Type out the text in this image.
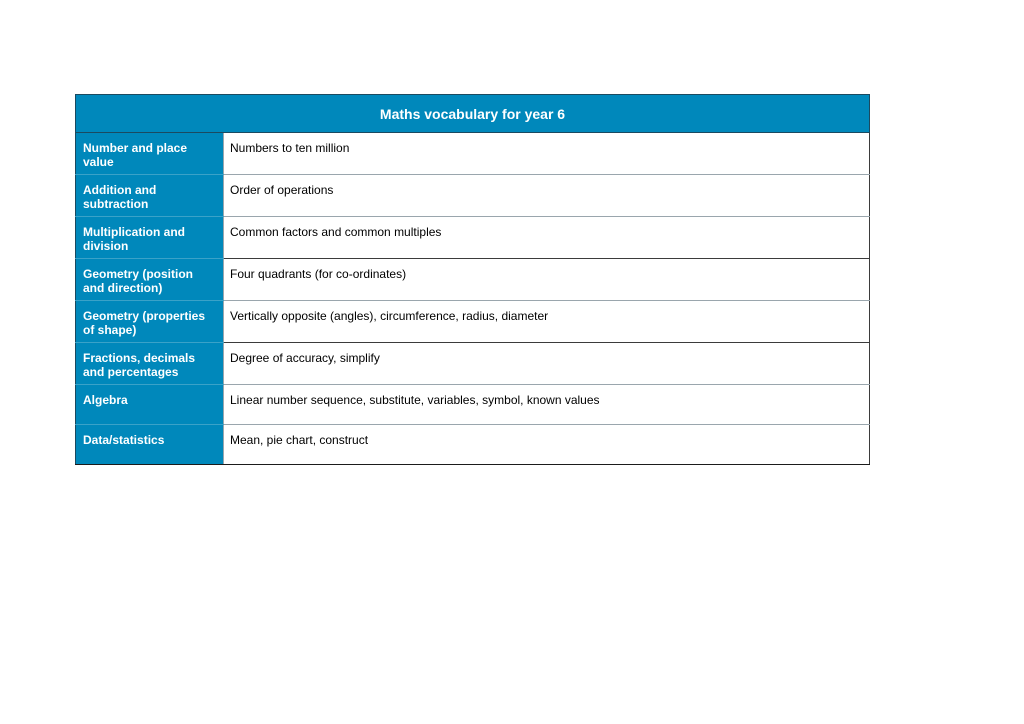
Maths vocabulary for year 6	
Number and place value	Numbers to ten million
Addition and subtraction	Order of operations
Multiplication and division	Common factors and common multiples
Geometry (position and direction)	Four quadrants (for co-ordinates)
Geometry (properties of shape)	Vertically opposite (angles), circumference, radius, diameter
Fractions, decimals and percentages	Degree of accuracy, simplify
Algebra	Linear number sequence, substitute, variables, symbol, known values
Data/statistics	Mean, pie chart, construct
